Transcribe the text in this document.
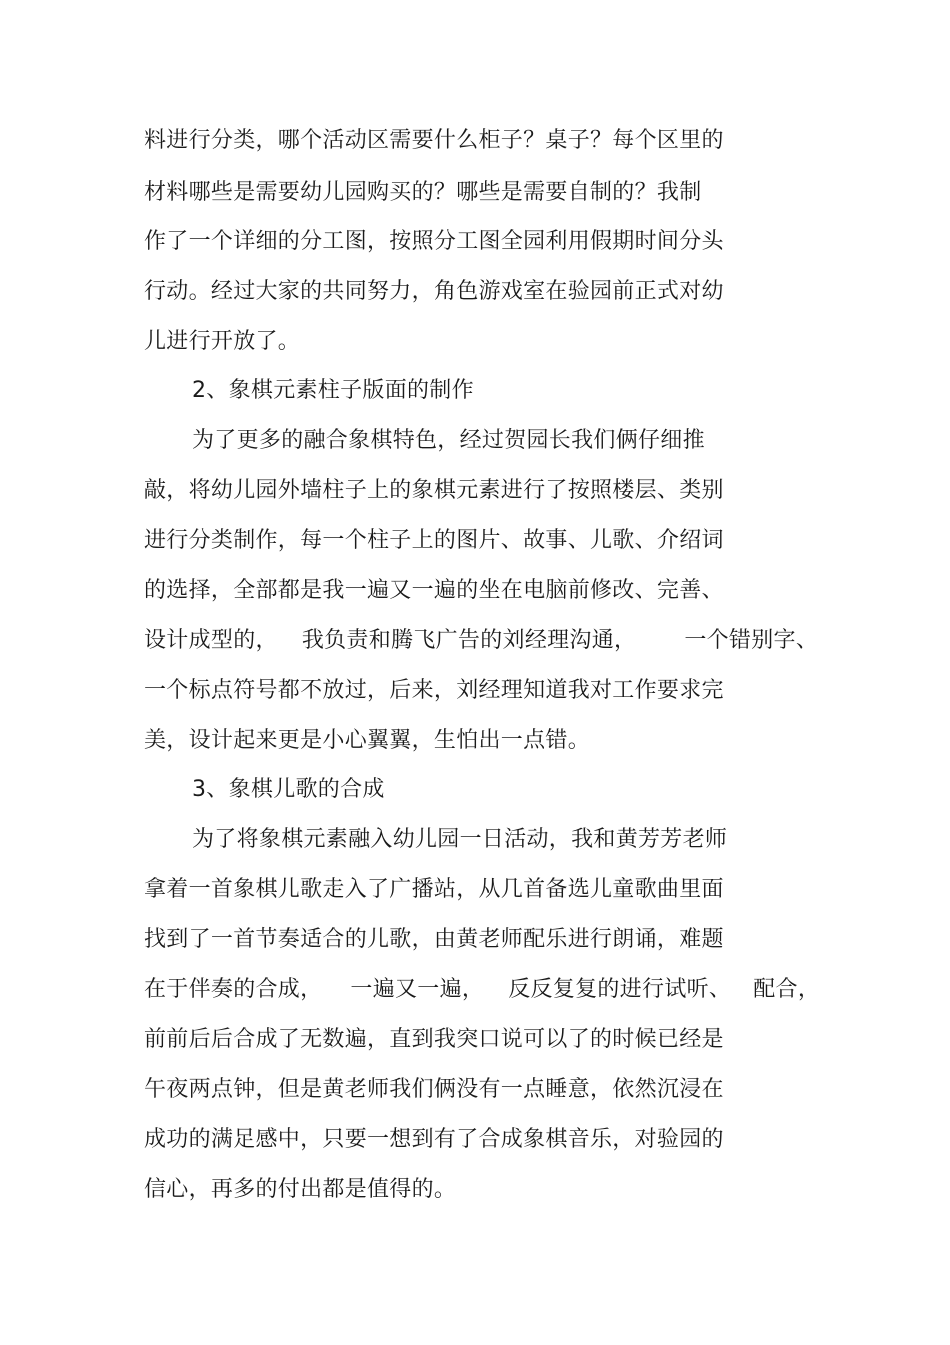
料进行分类，哪个活动区需要什么柜子？桌子？每个区里的

材料哪些是需要幼儿园购买的？哪些是需要自制的？我制

作了一个详细的分工图，按照分工图全园利用假期时间分头

行动。经过大家的共同努力，角色游戏室在验园前正式对幼

儿进行开放了。

2、象棋元素柱子版面的制作

为了更多的融合象棋特色，经过贺园长我们俩仔细推

敲，将幼儿园外墙柱子上的象棋元素进行了按照楼层、类别

进行分类制作，每一个柱子上的图片、故事、儿歌、介绍词

的选择，全部都是我一遍又一遍的坐在电脑前修改、完善、

设计成型的， 我负责和腾飞广告的刘经理沟通， 一个错别字、

一个标点符号都不放过，后来，刘经理知道我对工作要求完

美，设计起来更是小心翼翼，生怕出一点错。

3、象棋儿歌的合成

为了将象棋元素融入幼儿园一日活动，我和黄芳芳老师

拿着一首象棋儿歌走入了广播站，从几首备选儿童歌曲里面

找到了一首节奏适合的儿歌，由黄老师配乐进行朗诵，难题

在于伴奏的合成， 一遍又一遍， 反反复复的进行试听、 配合，

前前后后合成了无数遍，直到我突口说可以了的时候已经是

午夜两点钟，但是黄老师我们俩没有一点睡意，依然沉浸在

成功的满足感中，只要一想到有了合成象棋音乐，对验园的

信心，再多的付出都是值得的。
